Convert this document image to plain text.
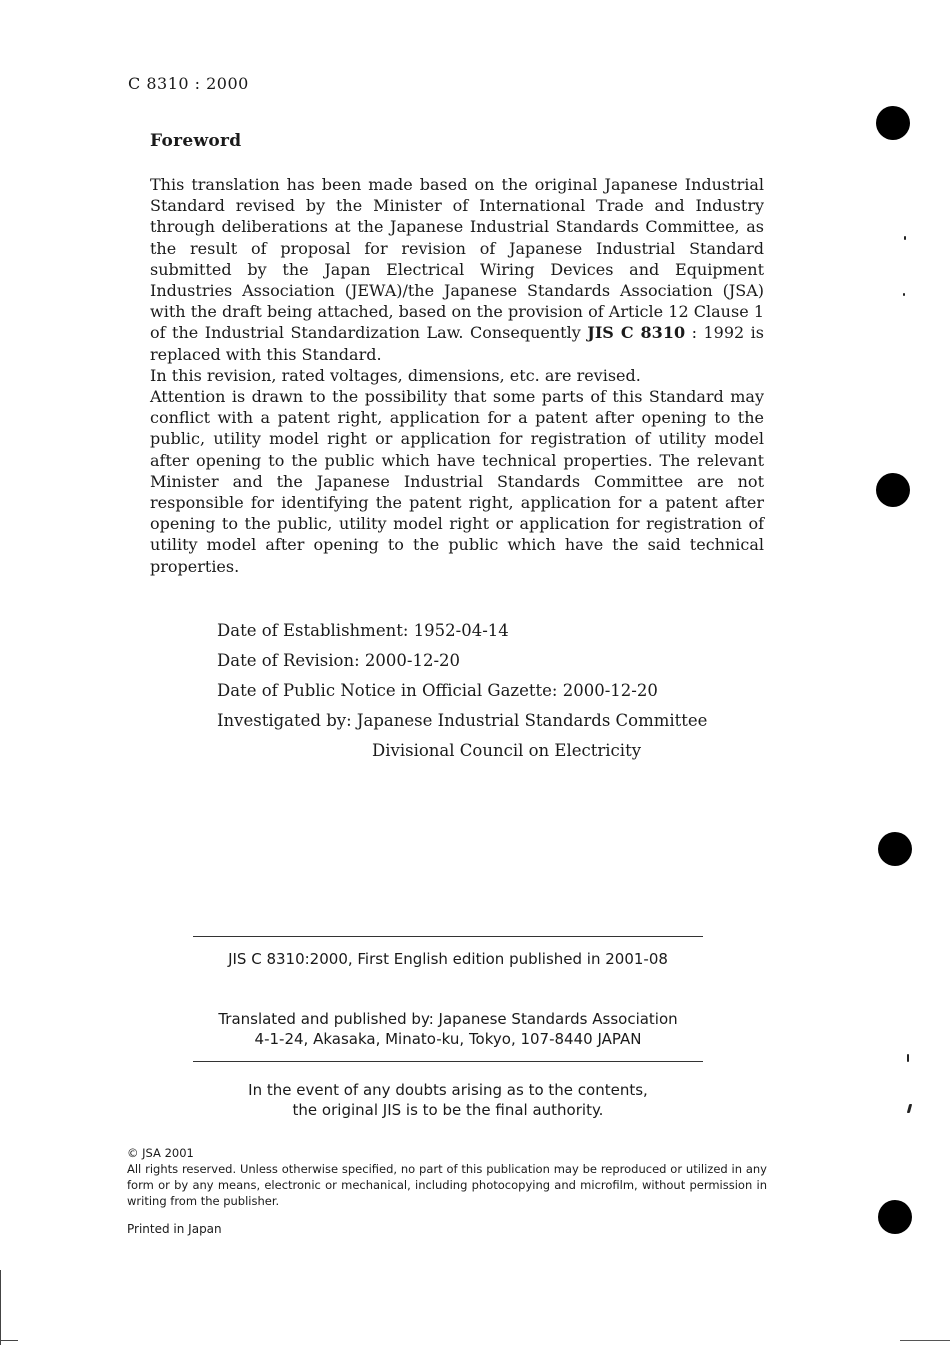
C 8310 : 2000
Foreword

This translation has been made based on the original Japanese Industrial Standard revised by the Minister of International Trade and Industry through deliberations at the Japanese Industrial Standards Committee, as the result of proposal for revision of Japanese Industrial Standard submitted by the Japan Electrical Wiring Devices and Equipment Industries Association (JEWA)/the Japanese Standards Association (JSA) with the draft being attached, based on the provision of Article 12 Clause 1 of the Industrial Standardization Law. Consequently JIS C 8310 : 1992 is replaced with this Standard.

In this revision, rated voltages, dimensions, etc. are revised.

Attention is drawn to the possibility that some parts of this Standard may conflict with a patent right, application for a patent after opening to the public, utility model right or application for registration of utility model after opening to the public which have technical properties. The relevant Minister and the Japanese Industrial Standards Committee are not responsible for identifying the patent right, application for a patent after opening to the public, utility model right or application for registration of utility model after opening to the public which have the said technical properties.

Date of Establishment: 1952-04-14
Date of Revision: 2000-12-20
Date of Public Notice in Official Gazette: 2000-12-20
Investigated by: Japanese Industrial Standards Committee
Divisional Council on Electricity
JIS C 8310:2000, First English edition published in 2001-08
Translated and published by: Japanese Standards Association
4-1-24, Akasaka, Minato-ku, Tokyo, 107-8440 JAPAN
In the event of any doubts arising as to the contents,
the original JIS is to be the final authority.

© JSA 2001

All rights reserved. Unless otherwise specified, no part of this publication may be reproduced or utilized in any form or by any means, electronic or mechanical, including photocopying and microfilm, without permission in writing from the publisher.

Printed in Japan
